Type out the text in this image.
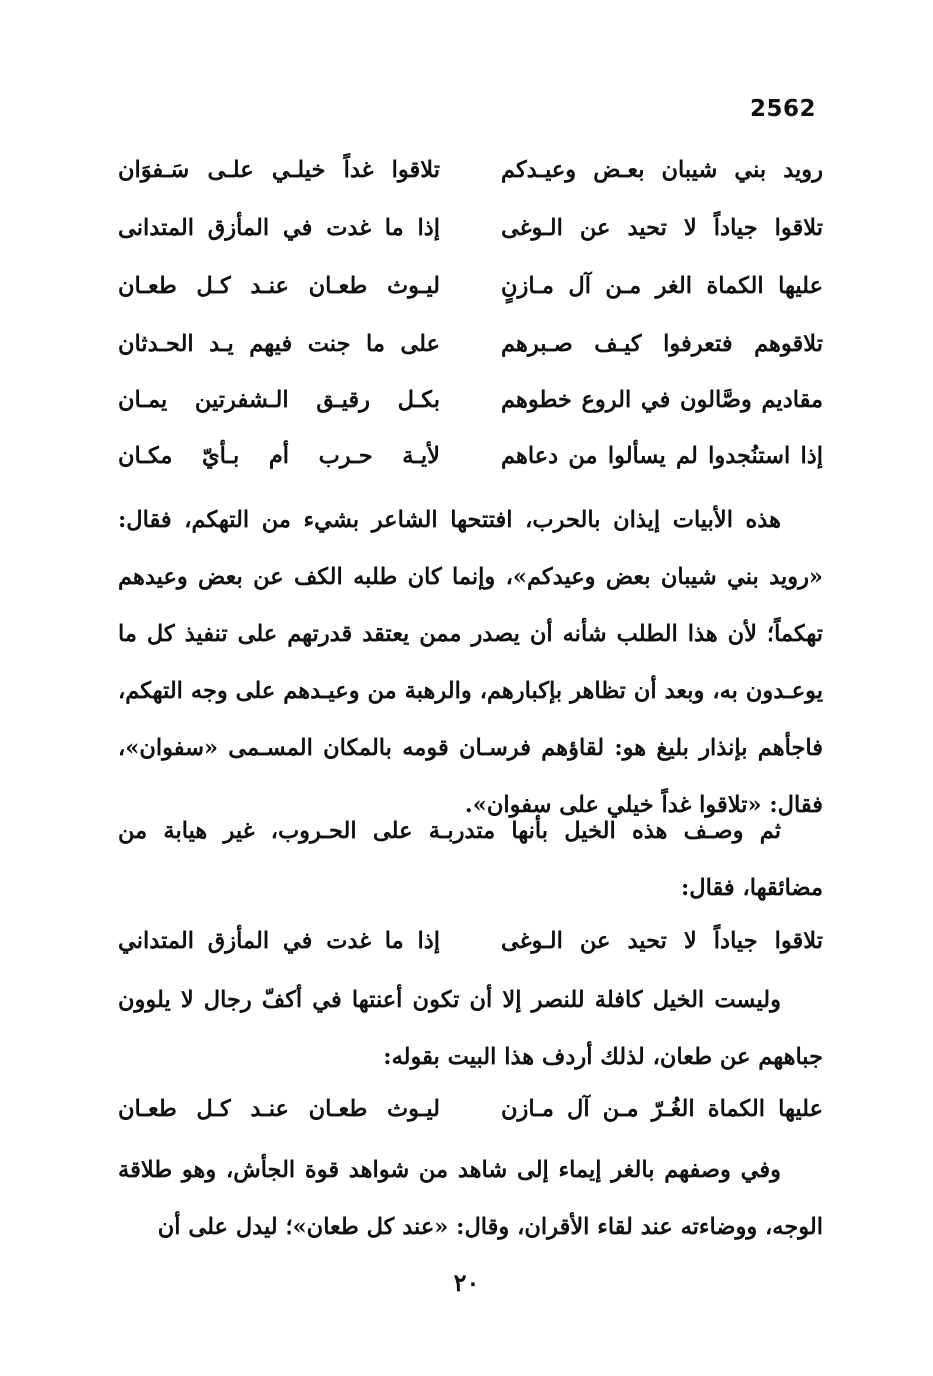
2562
رويد بني شيبان بعـض وعيـدكم
تلاقوا غداً خيلـي علـى سَـفوَان
تلاقوا جياداً لا تحيد عن الـوغى
إذا ما غدت في المأزق المتدانى
عليها الكماة الغر مـن آل مـازنٍ
ليـوث طعـان عنـد كـل طعـان
تلاقوهم فتعرفوا كيـف صـبرهم
على ما جنت فيهم يـد الحـدثان
مقاديم وصَّالون في الروع خطوهم
بكـل رقيـق الـشفرتين يمـان
إذا استنُجدوا لم يسألوا من دعاهم
لأيـة حـرب أم بـأيّ مكـان
هذه الأبيات إيذان بالحرب، افتتحها الشاعر بشيء من التهكم، فقال: «رويد بني شيبان بعض وعيدكم»، وإنما كان طلبه الكف عن بعض وعيدهم تهكماً؛ لأن هذا الطلب شأنه أن يصدر ممن يعتقد قدرتهم على تنفيذ كل ما يوعـدون به، وبعد أن تظاهر بإكبارهم، والرهبة من وعيـدهم على وجه التهكم، فاجأهم بإنذار بليغ هو: لقاؤهم فرسـان قومه بالمكان المسـمى «سفوان»، فقال: «تلاقوا غداً خيلي على سفوان».
ثم وصـف هذه الخيل بأنها متدربـة على الحـروب، غير هيابة من مضائقها، فقال:
تلاقوا جياداً لا تحيد عن الـوغى
إذا ما غدت في المأزق المتداني
وليست الخيل كافلة للنصر إلا أن تكون أعنتها في أكفّ رجال لا يلوون جباههم عن طعان، لذلك أردف هذا البيت بقوله:
عليها الكماة الغُـرّ مـن آل مـازن
ليـوث طعـان عنـد كـل طعـان
وفي وصفهم بالغر إيماء إلى شاهد من شواهد قوة الجأش، وهو طلاقة الوجه، ووضاءته عند لقاء الأقران، وقال: «عند كل طعان»؛ ليدل على أن
٢٠
